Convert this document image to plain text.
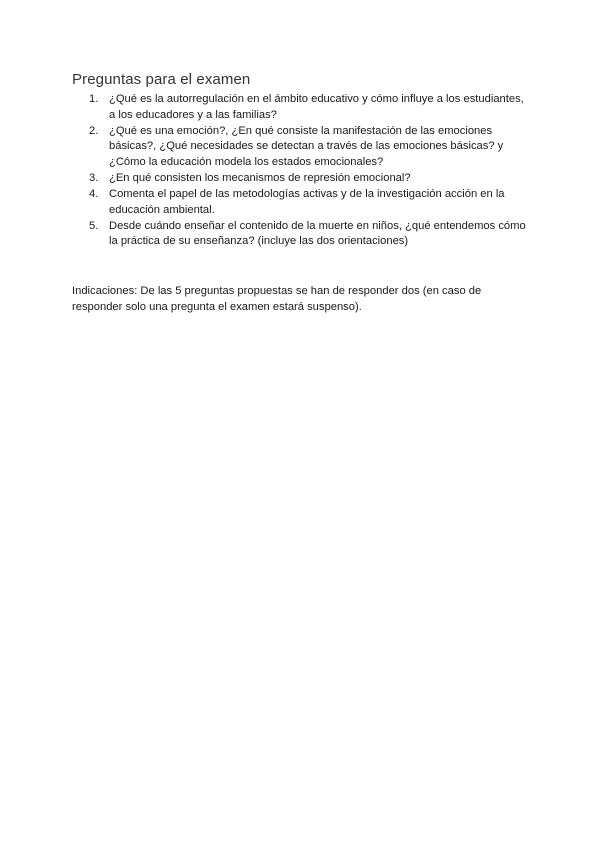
Preguntas para el examen
1. ¿Qué es la autorregulación en el ámbito educativo y cómo influye a los estudiantes, a los educadores y a las familias?
2. ¿Qué es una emoción?, ¿En qué consiste la manifestación de las emociones básicas?, ¿Qué necesidades se detectan a través de las emociones básicas? y ¿Cómo la educación modela los estados emocionales?
3. ¿En qué consisten los mecanismos de represión emocional?
4. Comenta el papel de las metodologías activas y de la investigación acción en la educación ambiental.
5. Desde cuándo enseñar el contenido de la muerte en niños, ¿qué entendemos cómo la práctica de su enseñanza? (incluye las dos orientaciones)

Indicaciones: De las 5 preguntas propuestas se han de responder dos (en caso de responder solo una pregunta el examen estará suspenso).
